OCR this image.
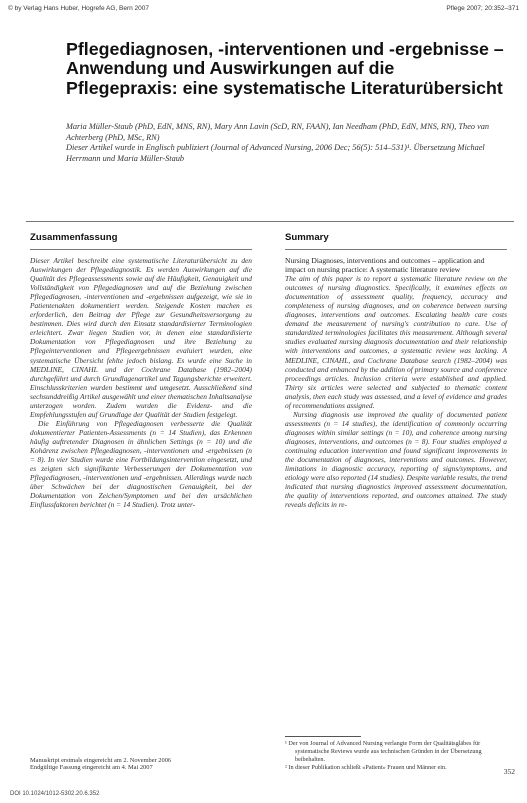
© by Verlag Hans Huber, Hogrefe AG, Bern 2007	Pflege 2007; 20:352–371
Pflegediagnosen, -interventionen und -ergebnisse – Anwendung und Auswirkungen auf die Pflegepraxis: eine systematische Literaturübersicht
Maria Müller-Staub (PhD, EdN, MNS, RN), Mary Ann Lavin (ScD, RN, FAAN), Ian Needham (PhD, EdN, MNS, RN), Theo van Achterberg (PhD, MSc, RN)
Dieser Artikel wurde in Englisch publiziert (Journal of Advanced Nursing, 2006 Dec; 56(5): 514–531)¹. Übersetzung Michael Herrmann und Maria Müller-Staub
Zusammenfassung

Dieser Artikel beschreibt eine systematische Literaturübersicht zu den Auswirkungen der Pflegediagnostik. Es werden Auswirkungen auf die Qualität des Pflegeassessments sowie auf die Häufigkeit, Genauigkeit und Vollständigkeit von Pflegediagnosen und auf die Beziehung zwischen Pflegediagnosen, -interventionen und -ergebnissen aufgezeigt, wie sie in Patientenakten dokumentiert werden. Steigende Kosten machen es erforderlich, den Beitrag der Pflege zur Gesundheitsversorgung zu bestimmen. Dies wird durch den Einsatz standardisierter Terminologien erleichtert. Zwar liegen Studien vor, in denen eine standardisierte Dokumentation von Pflegediagnosen und ihre Beziehung zu Pflegeinterventionen und Pflegeergebnissen evaluiert wurden, eine systematische Übersicht fehlte jedoch bislang. Es wurde eine Suche in MEDLINE, CINAHL und der Cochrane Database (1982–2004) durchgeführt und durch Grundlagenartikel und Tagungsberichte erweitert. Einschlusskriterien wurden bestimmt und umgesetzt. Ausschließend sind sechsunddreißig Artikel ausgewählt und einer thematischen Inhaltsanalyse unterzogen worden. Zudem wurden die Evidenz- und die Empfehlungsstufen auf Grundlage der Qualität der Studien festgelegt.

Die Einführung von Pflegediagnosen verbesserte die Qualität dokumentierter Patienten-Assessments (n = 14 Studien), das Erkennen häufig auftretender Diagnosen in ähnlichen Settings (n = 10) und die Kohärenz zwischen Pflegediagnosen, -interventionen und -ergebnissen (n = 8). In vier Studien wurde eine Fortbildungsintervention eingesetzt, und es zeigten sich signifikante Verbesserungen der Dokumentation von Pflegediagnosen, -interventionen und -ergebnissen. Allerdings wurde nach über Schwächen bei der diagnostischen Genauigkeit, bei der Dokumentation von Zeichen/Symptomen und bei den ursächlichen Einflussfaktoren berichtet (n = 14 Studien). Trotz unter-

Summary

Nursing Diagnoses, interventions and outcomes – application and impact on nursing practice: A systematic literature review

The aim of this paper is to report a systematic literature review on the outcomes of nursing diagnostics. Specifically, it examines effects on documentation of assessment quality, frequency, accuracy and completeness of nursing diagnoses, and on coherence between nursing diagnoses, interventions and outcomes. Escalating health care costs demand the measurement of nursing's contribution to care. Use of standardized terminologies facilitates this measurement. Although several studies evaluated nursing diagnosis documentation and their relationship with interventions and outcomes, a systematic review was lacking. A MEDLINE, CINAHL, and Cochrane Database search (1982–2004) was conducted and enhanced by the addition of primary source and conference proceedings articles. Inclusion criteria were established and applied. Thirty six articles were selected and subjected to thematic content analysis, then each study was assessed, and a level of evidence and grades of recommendations assigned.

Nursing diagnosis use improved the quality of documented patient assessments (n = 14 studies), the identification of commonly occurring diagnoses within similar settings (n = 10), and coherence among nursing diagnoses, interventions, and outcomes (n = 8). Four studies employed a continuing education intervention and found significant improvements in the documentation of diagnoses, interventions and outcomes. However, limitations in diagnostic accuracy, reporting of signs/symptoms, and etiology were also reported (14 studies). Despite variable results, the trend indicated that nursing diagnostics improved assessment documentation, the quality of interventions reported, and outcomes attained. The study reveals deficits in re-

¹ Der von Journal of Advanced Nursing verlangte Form der Qualitätsgläbes für systematische Reviews wurde aus technischen Gründen in der Übersetzung beibehalten.

² In dieser Publikation schließt «Patient» Frauen und Männer ein.

Manuskript erstmals eingereicht am 2. November 2006
Endgültige Fassung eingereicht am 4. Mai 2007	352
DOI 10.1024/1012-5302.20.6.352
